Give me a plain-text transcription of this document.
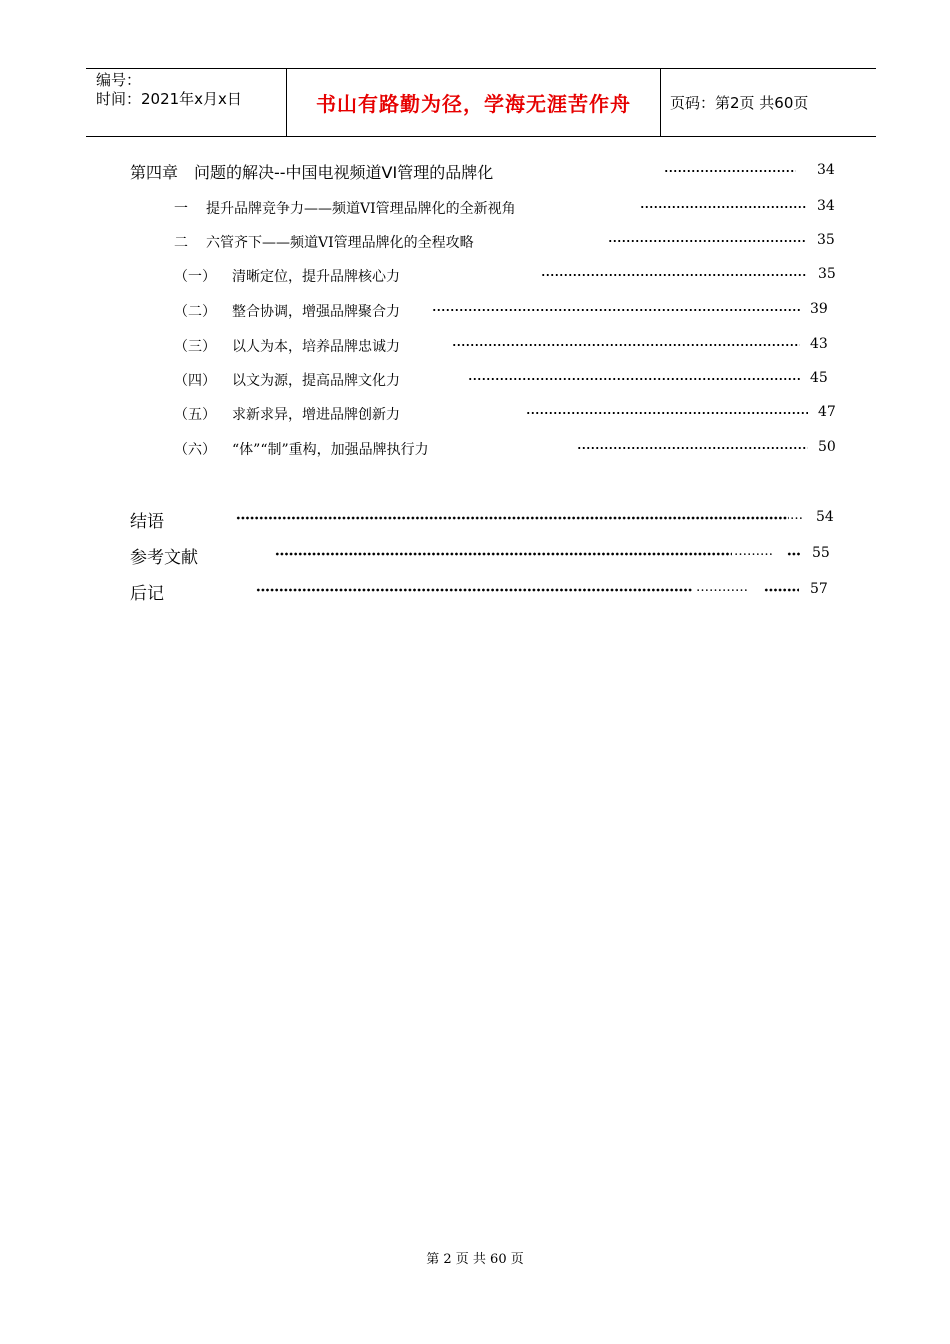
编号：
时间：2021年x月x日	书山有路勤为径，学海无涯苦作舟	页码：第2页 共60页
第四章　问题的解决--中国电视频道VI管理的品牌化	34
一 提升品牌竞争力——频道VI管理品牌化的全新视角	34
二 六管齐下——频道VI管理品牌化的全程攻略	35
（一） 清晰定位，提升品牌核心力	35
（二） 整合协调，增强品牌聚合力	39
（三） 以人为本，培养品牌忠诚力	43
（四） 以文为源，提高品牌文化力	45
（五） 求新求异，增进品牌创新力	47
（六） “体”“制”重构，加强品牌执行力	50
结语	… 54
参考文献	………	55
后记	…………	57
第 2 页 共 60 页
